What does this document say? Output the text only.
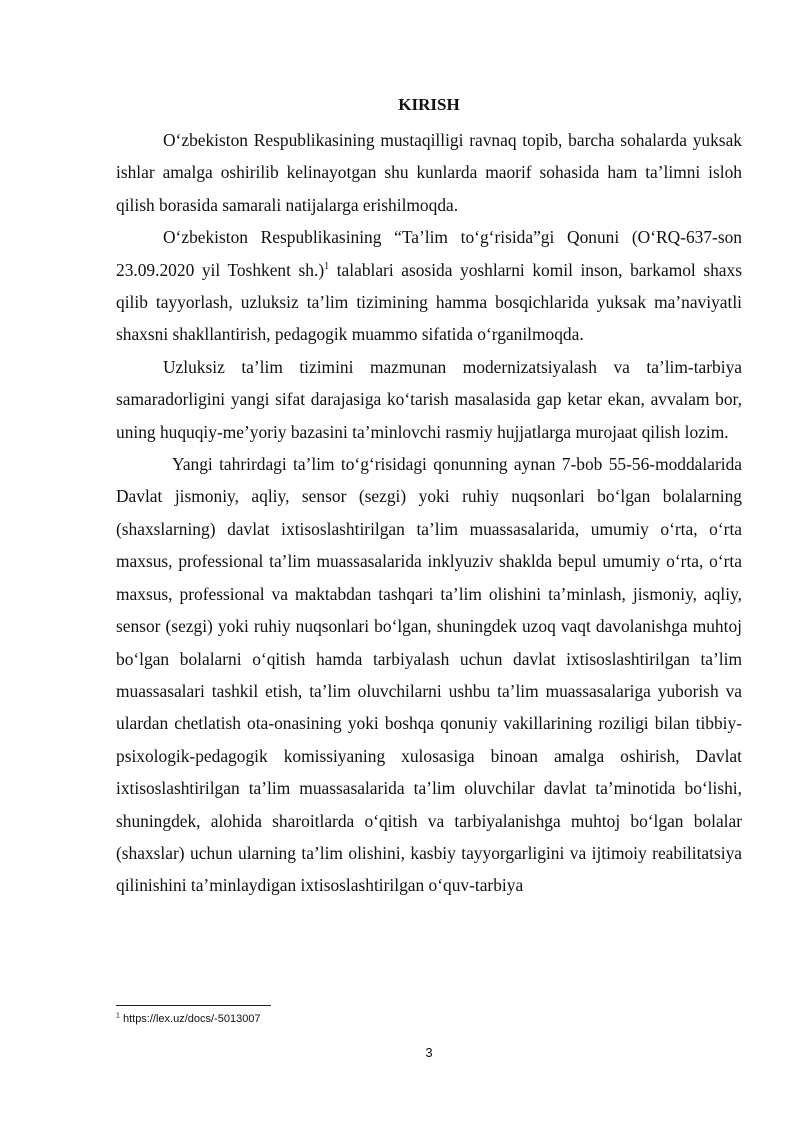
KIRISH

O‘zbekiston Respublikasining mustaqilligi ravnaq topib, barcha sohalarda yuksak ishlar amalga oshirilib kelinayotgan shu kunlarda maorif sohasida ham ta’limni isloh qilish borasida samarali natijalarga erishilmoqda.

O‘zbekiston Respublikasining “Ta’lim to‘g‘risida”gi Qonuni (O‘RQ-637-son 23.09.2020 yil Toshkent sh.)$^1$ talablari asosida yoshlarni komil inson, barkamol shaxs qilib tayyorlash, uzluksiz ta’lim tizimining hamma bosqichlarida yuksak ma’naviyatli shaxsni shakllantirish, pedagogik muammo sifatida o‘rganilmoqda.

Uzluksiz ta’lim tizimini mazmunan modernizatsiyalash va ta’lim-tarbiya samaradorligini yangi sifat darajasiga ko‘tarish masalasida gap ketar ekan, avvalam bor, uning huquqiy-me’yoriy bazasini ta’minlovchi rasmiy hujjatlarga murojaat qilish lozim.

Yangi tahrirdagi ta’lim to‘g‘risidagi qonunning aynan 7-bob 55-56-moddalarida Davlat jismoniy, aqliy, sensor (sezgi) yoki ruhiy nuqsonlari bo‘lgan bolalarning (shaxslarning) davlat ixtisoslashtirilgan ta’lim muassasalarida, umumiy o‘rta, o‘rta maxsus, professional ta’lim muassasalarida inklyuziv shaklda bepul umumiy o‘rta, o‘rta maxsus, professional va maktabdan tashqari ta’lim olishini ta’minlash, jismoniy, aqliy, sensor (sezgi) yoki ruhiy nuqsonlari bo‘lgan, shuningdek uzoq vaqt davolanishga muhtoj bo‘lgan bolalarni o‘qitish hamda tarbiyalash uchun davlat ixtisoslashtirilgan ta’lim muassasalari tashkil etish, ta’lim oluvchilarni ushbu ta’lim muassasalariga yuborish va ulardan chetlatish ota-onasining yoki boshqa qonuniy vakillarining roziligi bilan tibbiy-psixologik-pedagogik komissiyaning xulosasiga binoan amalga oshirish, Davlat ixtisoslashtirilgan ta’lim muassasalarida ta’lim oluvchilar davlat ta’minotida bo‘lishi, shuningdek, alohida sharoitlarda o‘qitish va tarbiyalanishga muhtoj bo‘lgan bolalar (shaxslar) uchun ularning ta’lim olishini, kasbiy tayyorgarligini va ijtimoiy reabilitatsiya qilinishini ta’minlaydigan ixtisoslashtirilgan o‘quv-tarbiya

$^1$ https://lex.uz/docs/-5013007
3
